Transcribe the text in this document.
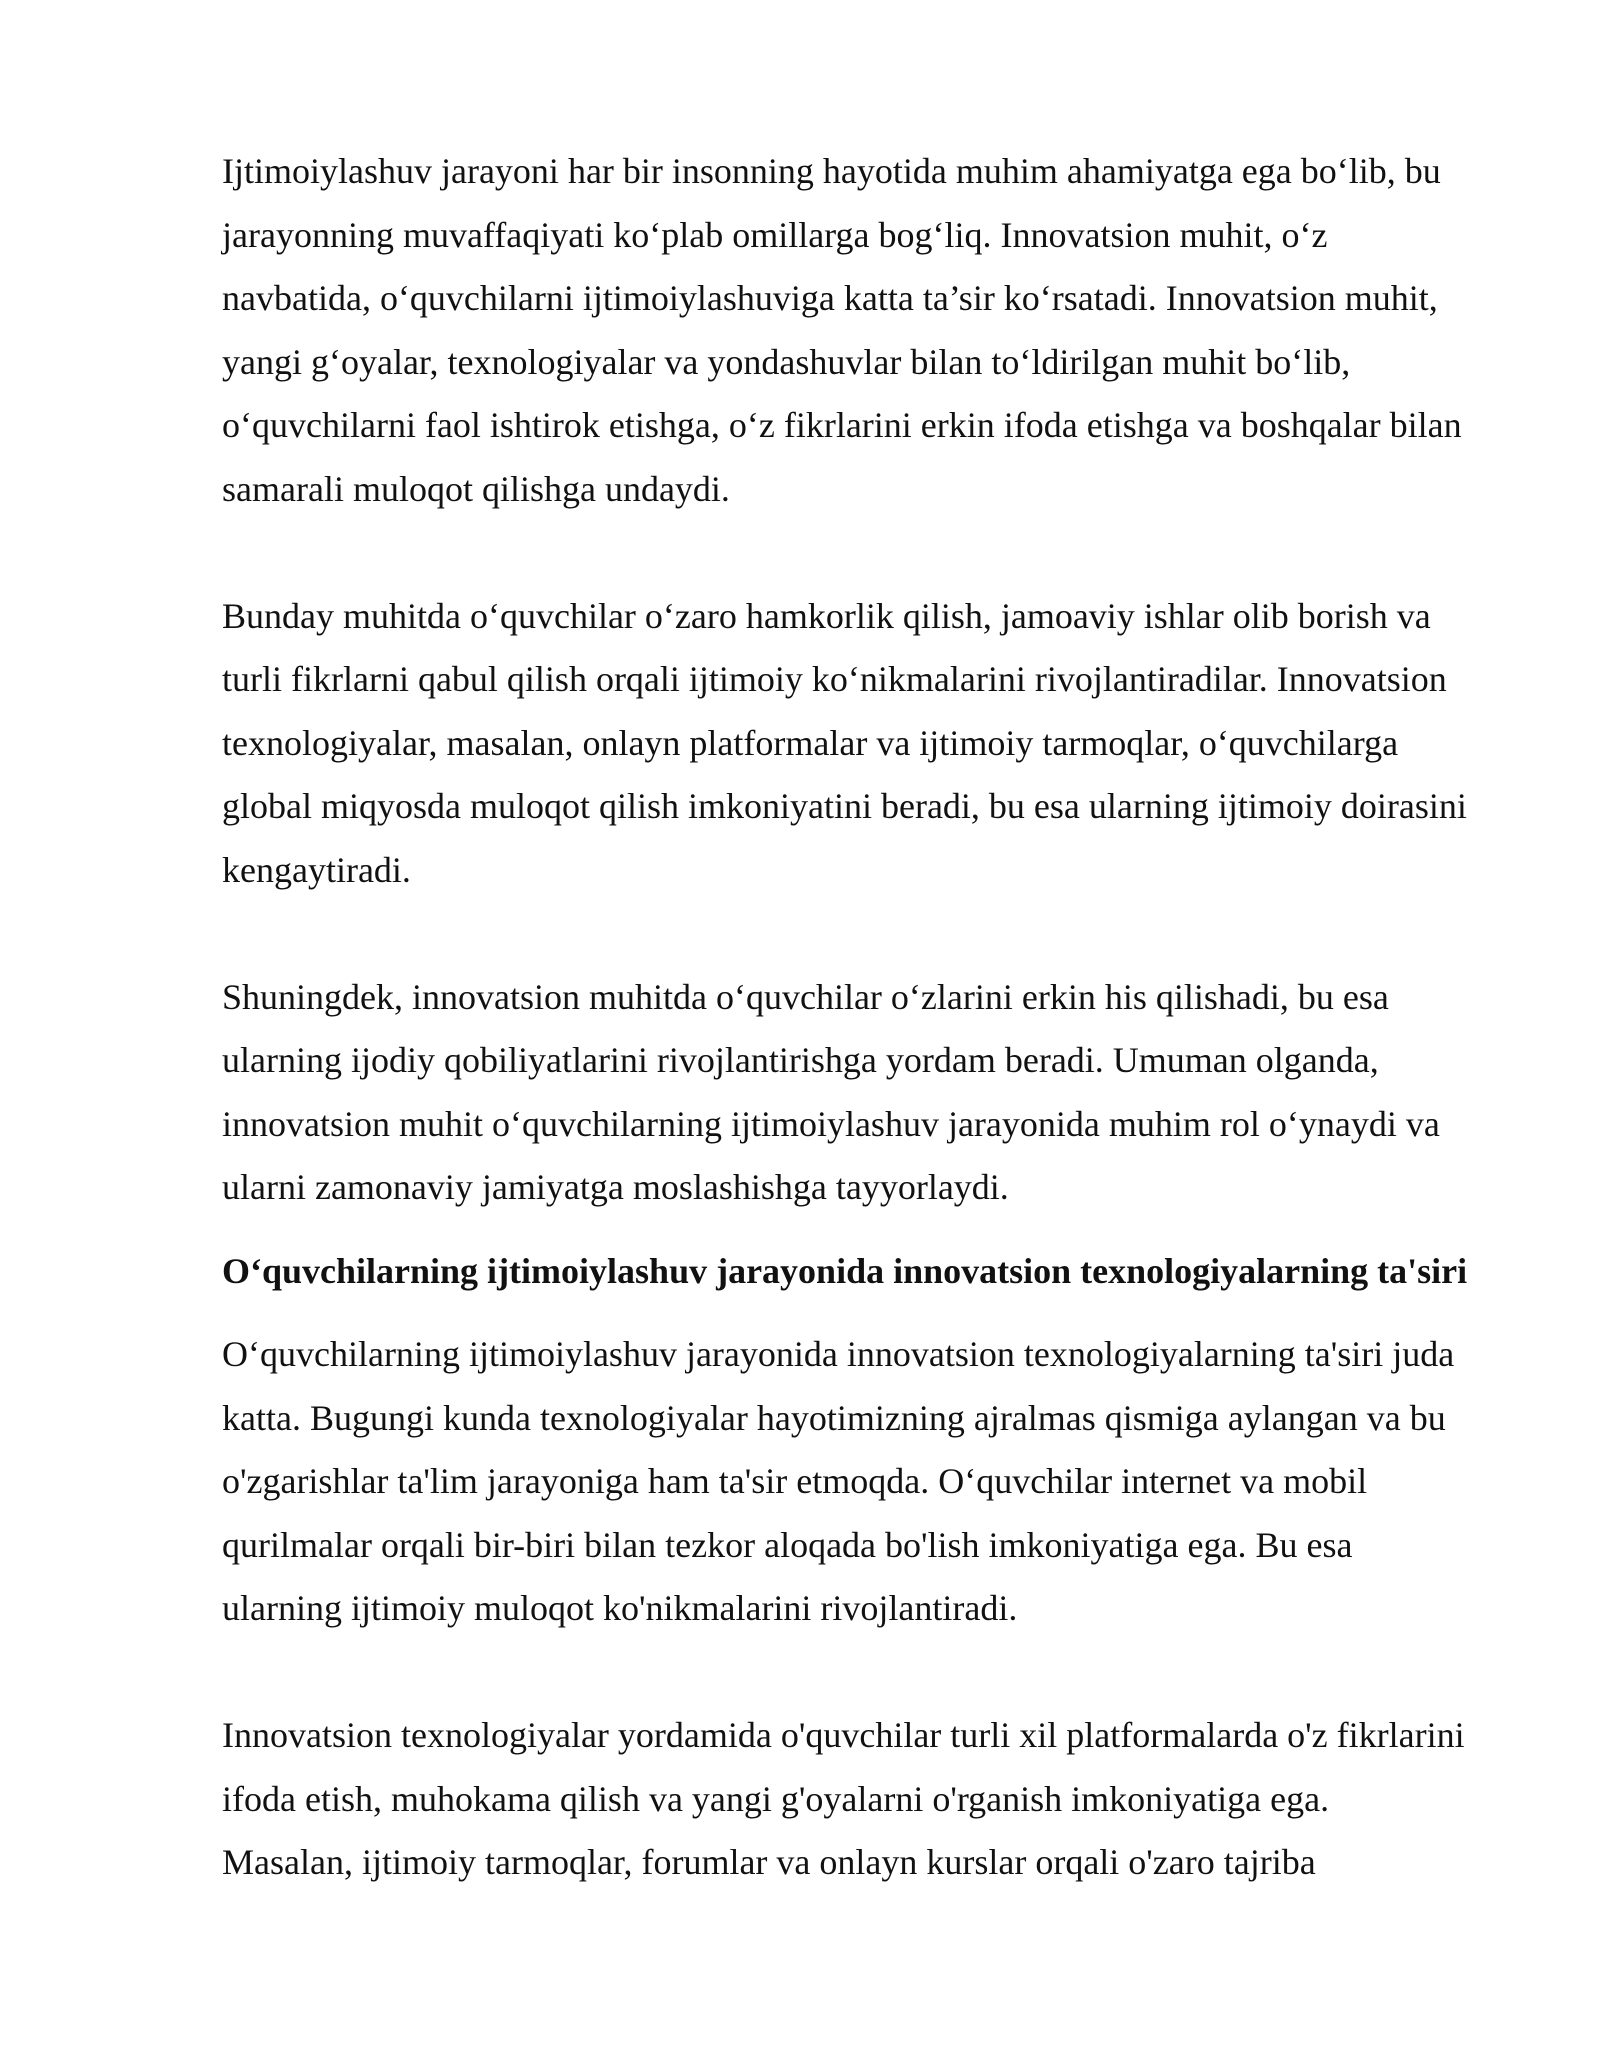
Ijtimoiylashuv jarayoni har bir insonning hayotida muhim ahamiyatga ega bo‘lib, bu
jarayonning muvaffaqiyati ko‘plab omillarga bog‘liq. Innovatsion muhit, o‘z
navbatida, o‘quvchilarni ijtimoiylashuviga katta ta’sir ko‘rsatadi. Innovatsion muhit,
yangi g‘oyalar, texnologiyalar va yondashuvlar bilan to‘ldirilgan muhit bo‘lib,
o‘quvchilarni faol ishtirok etishga, o‘z fikrlarini erkin ifoda etishga va boshqalar bilan
samarali muloqot qilishga undaydi.

Bunday muhitda o‘quvchilar o‘zaro hamkorlik qilish, jamoaviy ishlar olib borish va
turli fikrlarni qabul qilish orqali ijtimoiy ko‘nikmalarini rivojlantiradilar. Innovatsion
texnologiyalar, masalan, onlayn platformalar va ijtimoiy tarmoqlar, o‘quvchilarga
global miqyosda muloqot qilish imkoniyatini beradi, bu esa ularning ijtimoiy doirasini
kengaytiradi.

Shuningdek, innovatsion muhitda o‘quvchilar o‘zlarini erkin his qilishadi, bu esa
ularning ijodiy qobiliyatlarini rivojlantirishga yordam beradi. Umuman olganda,
innovatsion muhit o‘quvchilarning ijtimoiylashuv jarayonida muhim rol o‘ynaydi va
ularni zamonaviy jamiyatga moslashishga tayyorlaydi.

O‘quvchilarning ijtimoiylashuv jarayonida innovatsion texnologiyalarning ta'siri

O‘quvchilarning ijtimoiylashuv jarayonida innovatsion texnologiyalarning ta'siri juda
katta. Bugungi kunda texnologiyalar hayotimizning ajralmas qismiga aylangan va bu
o'zgarishlar ta'lim jarayoniga ham ta'sir etmoqda. O‘quvchilar internet va mobil
qurilmalar orqali bir-biri bilan tezkor aloqada bo'lish imkoniyatiga ega. Bu esa
ularning ijtimoiy muloqot ko'nikmalarini rivojlantiradi.

Innovatsion texnologiyalar yordamida o'quvchilar turli xil platformalarda o'z fikrlarini
ifoda etish, muhokama qilish va yangi g'oyalarni o'rganish imkoniyatiga ega.
Masalan, ijtimoiy tarmoqlar, forumlar va onlayn kurslar orqali o'zaro tajriba
